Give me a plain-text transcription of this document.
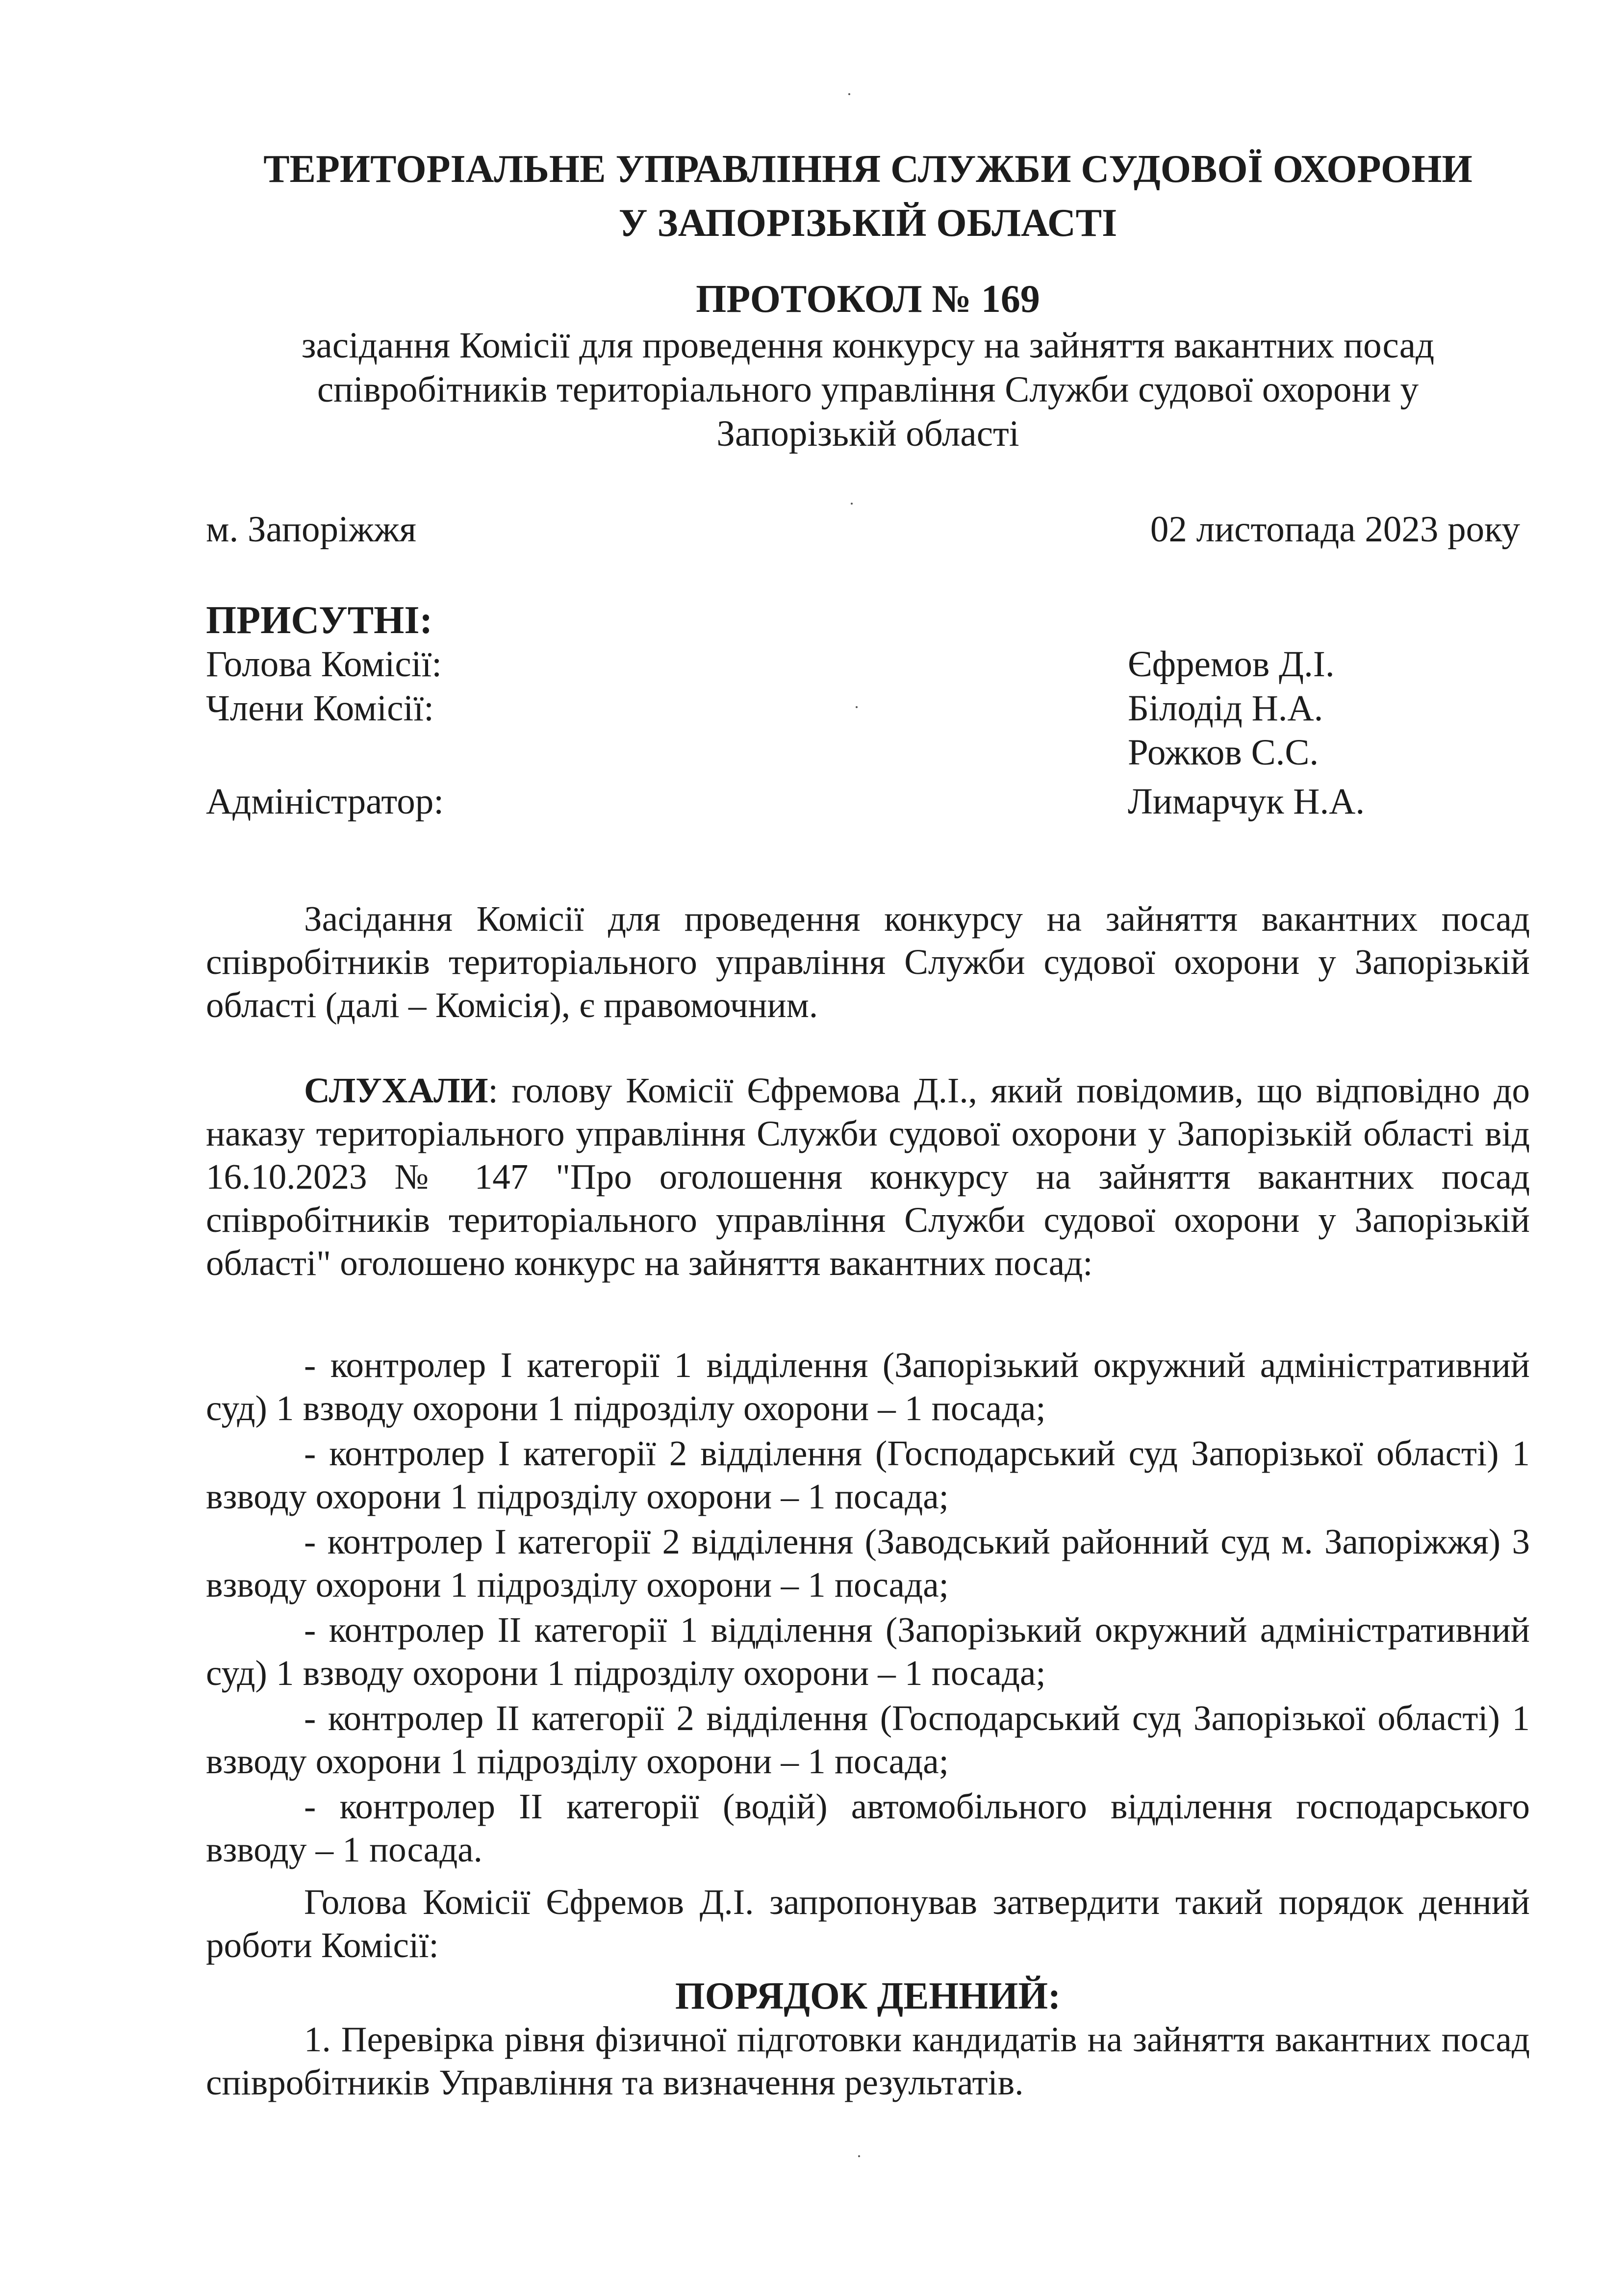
ТЕРИТОРІАЛЬНЕ УПРАВЛІННЯ СЛУЖБИ СУДОВОЇ ОХОРОНИ
У ЗАПОРІЗЬКІЙ ОБЛАСТІ
ПРОТОКОЛ № 169
засідання Комісії для проведення конкурсу на зайняття вакантних посад
співробітників територіального управління Служби судової охорони у
Запорізькій області
м. Запоріжжя	02 листопада 2023 року
ПРИСУТНІ:
Голова Комісії:	Єфремов Д.І.
Члени Комісії:	Білодід Н.А.
Рожков С.С.
Адміністратор:	Лимарчук Н.А.
Засідання Комісії для проведення конкурсу на зайняття вакантних посад співробітників територіального управління Служби судової охорони у Запорізькій області (далі – Комісія), є правомочним.
СЛУХАЛИ: голову Комісії Єфремова Д.І., який повідомив, що відповідно до наказу територіального управління Служби судової охорони у Запорізькій області від 16.10.2023 № 147 "Про оголошення конкурсу на зайняття вакантних посад співробітників територіального управління Служби судової охорони у Запорізькій області" оголошено конкурс на зайняття вакантних посад:
- контролер І категорії 1 відділення (Запорізький окружний адміністративний суд) 1 взводу охорони 1 підрозділу охорони – 1 посада;
- контролер І категорії 2 відділення (Господарський суд Запорізької області) 1 взводу охорони 1 підрозділу охорони – 1 посада;
- контролер І категорії 2 відділення (Заводський районний суд м. Запоріжжя) 3 взводу охорони 1 підрозділу охорони – 1 посада;
- контролер ІІ категорії 1 відділення (Запорізький окружний адміністративний суд) 1 взводу охорони 1 підрозділу охорони – 1 посада;
- контролер ІІ категорії 2 відділення (Господарський суд Запорізької області) 1 взводу охорони 1 підрозділу охорони – 1 посада;
- контролер ІІ категорії (водій) автомобільного відділення господарського взводу – 1 посада.
Голова Комісії Єфремов Д.І. запропонував затвердити такий порядок денний роботи Комісії:
ПОРЯДОК ДЕННИЙ:
1. Перевірка рівня фізичної підготовки кандидатів на зайняття вакантних посад співробітників Управління та визначення результатів.
